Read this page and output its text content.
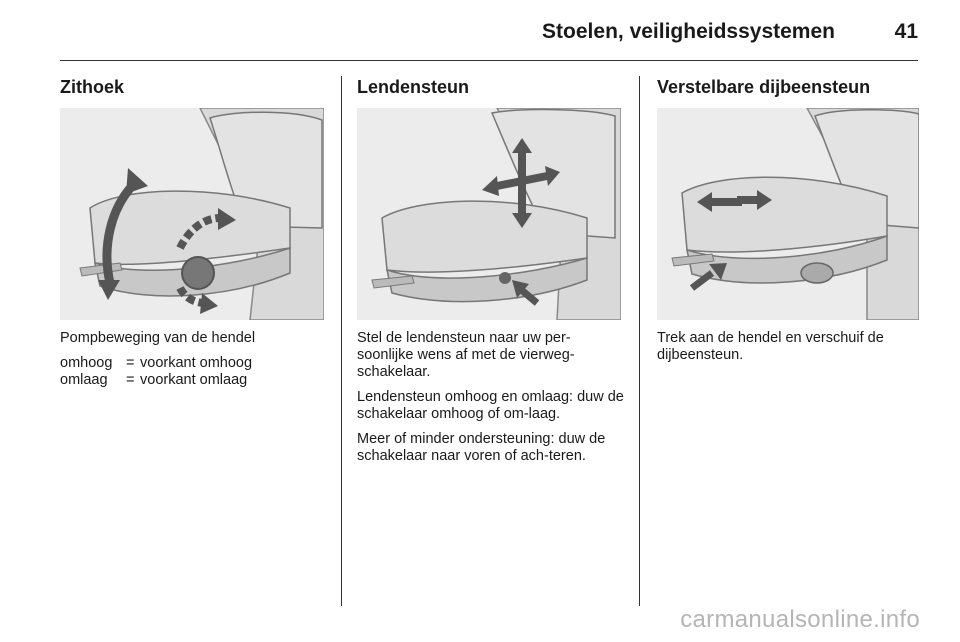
Stoelen, veiligheidssystemen	41
Zithoek

Pompbeweging van de hendel

omhoog = voorkant omhoog
omlaag	= voorkant omlaag
Lendensteun

Stel de lendensteun naar uw per-soonlijke wens af met de vierweg-schakelaar.

Lendensteun omhoog en omlaag: duw de schakelaar omhoog of om-laag.

Meer of minder ondersteuning: duw de schakelaar naar voren of ach-teren.

Verstelbare dijbeensteun

Trek aan de hendel en verschuif de dijbeensteun.

carmanualsonline.info
